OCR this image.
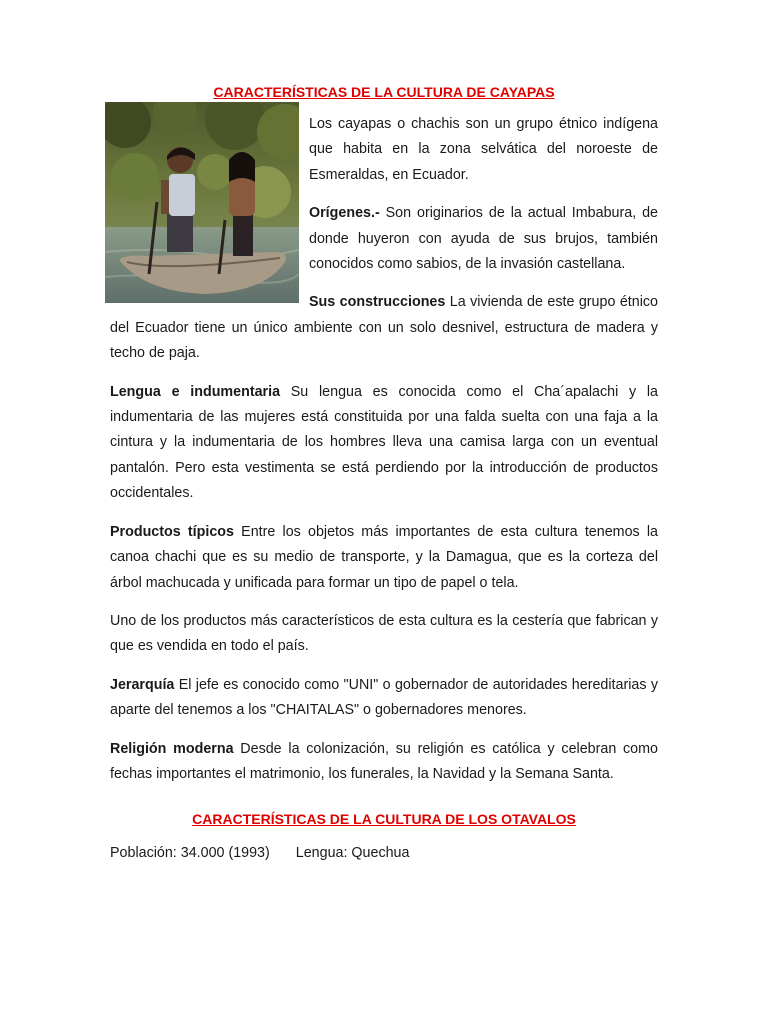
CARACTERÍSTICAS DE LA CULTURA DE CAYAPAS

Los cayapas o chachis son un grupo étnico indígena que habita en la zona selvática del noroeste de Esmeraldas, en Ecuador.

Orígenes.- Son originarios de la actual Imbabura, de donde huyeron con ayuda de sus brujos, también conocidos como sabios, de la invasión castellana.

Sus construcciones La vivienda de este grupo étnico del Ecuador tiene un único ambiente con un solo desnivel, estructura de madera y techo de paja.

Lengua e indumentaria Su lengua es conocida como el Cha´apalachi y la indumentaria de las mujeres está constituida por una falda suelta con una faja a la cintura y la indumentaria de los hombres lleva una camisa larga con un eventual pantalón. Pero esta vestimenta se está perdiendo por la introducción de productos occidentales.

Productos típicos Entre los objetos más importantes de esta cultura tenemos la canoa chachi que es su medio de transporte, y la Damagua, que es la corteza del árbol machucada y unificada para formar un tipo de papel o tela.

Uno de los productos más característicos de esta cultura es la cestería que fabrican y que es vendida en todo el país.

Jerarquía El jefe es conocido como "UNI" o gobernador de autoridades hereditarias y aparte del tenemos a los "CHAITALAS" o gobernadores menores.

Religión moderna Desde la colonización, su religión es católica y celebran como fechas importantes el matrimonio, los funerales, la Navidad y la Semana Santa.

CARACTERÍSTICAS DE LA CULTURA DE LOS OTAVALOS
Población: 34.000 (1993) Lengua: Quechua
